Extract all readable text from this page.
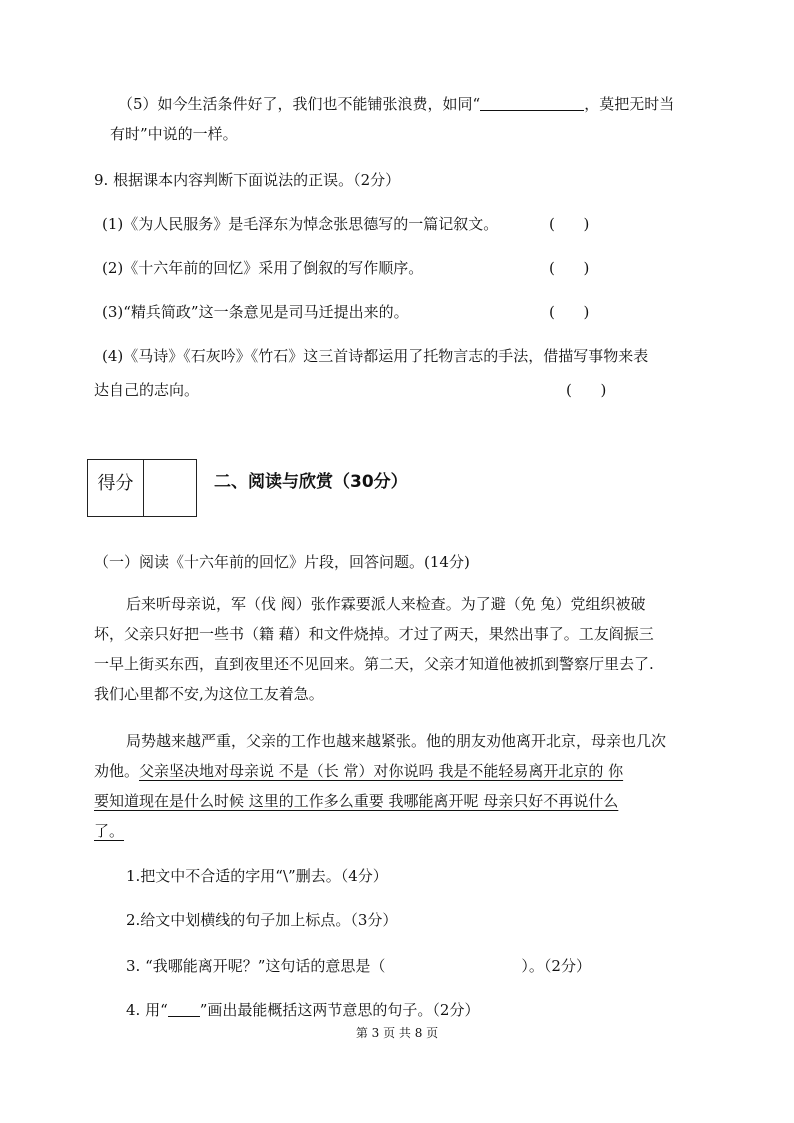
（5）如今生活条件好了，我们也不能铺张浪费，如同“	，莫把无时当
有时”中说的一样。
9. 根据课本内容判断下面说法的正误。（2分）
(1)《为人民服务》是毛泽东为悼念张思德写的一篇记叙文。	(      )
(2)《十六年前的回忆》采用了倒叙的写作顺序。	(      )
(3)“精兵简政”这一条意见是司马迁提出来的。	(      )
(4)《马诗》《石灰吟》《竹石》这三首诗都运用了托物言志的手法，借描写事物来表
达自己的志向。	(      )
得分	二、阅读与欣赏（30分）
（一）阅读《十六年前的回忆》片段，回答问题。(14分)
后来听母亲说，军（伐 阀）张作霖要派人来检查。为了避（免 兔）党组织被破
坏，父亲只好把一些书（籍 藉）和文件烧掉。才过了两天，果然出事了。工友阎振三
一早上街买东西，直到夜里还不见回来。第二天，父亲才知道他被抓到警察厅里去了.
我们心里都不安,为这位工友着急。
局势越来越严重，父亲的工作也越来越紧张。他的朋友劝他离开北京，母亲也几次
劝他。父亲坚决地对母亲说 不是（长 常）对你说吗 我是不能轻易离开北京的 你
要知道现在是什么时候 这里的工作多么重要 我哪能离开呢 母亲只好不再说什么
了。
1.把文中不合适的字用“\”删去。（4分）
2.给文中划横线的句子加上标点。（3分）
3. “我哪能离开呢？”这句话的意思是（	）。（2分）
4. 用“ ”画出最能概括这两节意思的句子。（2分）
第 3 页 共 8 页
